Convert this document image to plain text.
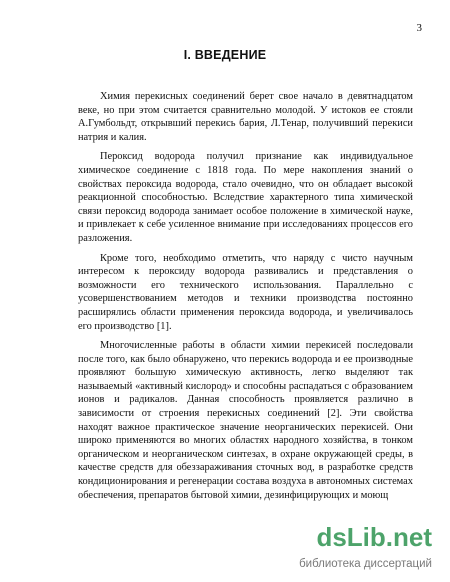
3
I. ВВЕДЕНИЕ

Химия перекисных соединений берет свое начало в девятнадцатом веке, но при этом считается сравнительно молодой. У истоков ее стояли А.Гумбольдт, открывший перекись бария, Л.Тенар, получивший перекиси натрия и калия.

Пероксид водорода получил признание как индивидуальное химическое соединение с 1818 года. По мере накопления знаний о свойствах пероксида водорода, стало очевидно, что он обладает высокой реакционной способностью. Вследствие характерного типа химической связи пероксид водорода занимает особое положение в химической науке, и привлекает к себе усиленное внимание при исследованиях процессов его разложения.

Кроме того, необходимо отметить, что наряду с чисто научным интересом к пероксиду водорода развивались и представления о возможности его технического использования. Параллельно с усовершенствованием методов и техники производства постоянно расширялись области применения пероксида водорода, и увеличивалось его производство [1].

Многочисленные работы в области химии перекисей последовали после того, как было обнаружено, что перекись водорода и ее производные проявляют большую химическую активность, легко выделяют так называемый «активный кислород» и способны распадаться с образованием ионов и радикалов. Данная способность проявляется различно в зависимости от строения перекисных соединений [2]. Эти свойства находят важное практическое значение неорганических перекисей. Они широко применяются во многих областях народного хозяйства, в тонком органическом и неорганическом синтезах, в охране окружающей среды, в качестве средств для обеззараживания сточных вод, в разработке средств кондиционирования и регенерации состава воздуха в автономных системах обеспечения, препаратов бытовой химии, дезинфицирующих и моющ

dsLib.net
библиотека диссертаций
